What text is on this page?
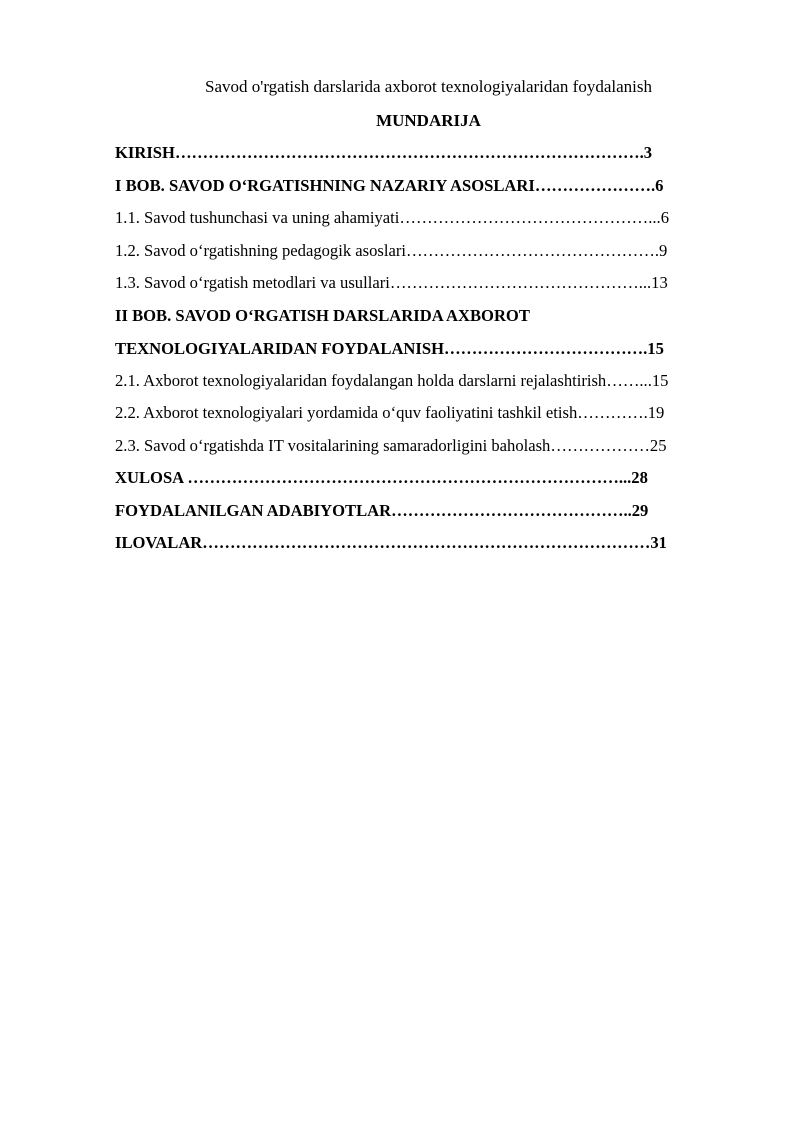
Savod o'rgatish darslarida axborot texnologiyalaridan foydalanish
MUNDARIJA
KIRISH………………………………………………………………………….3
I BOB. SAVOD O‘RGATISHNING NAZARIY ASOSLARI………………….6
1.1. Savod tushunchasi va uning ahamiyati………………………………………...6
1.2. Savod o‘rgatishning pedagogik asoslari……………………………………….9
1.3. Savod o‘rgatish metodlari va usullari………………………………………...13
II BOB. SAVOD O‘RGATISH DARSLARIDA AXBOROT
TEXNOLOGIYALARIDAN FOYDALANISH……………………………….15
2.1. Axborot texnologiyalaridan foydalangan holda darslarni rejalashtirish……...15
2.2. Axborot texnologiyalari yordamida o‘quv faoliyatini tashkil etish………….19
2.3. Savod o‘rgatishda IT vositalarining samaradorligini baholash………………25
XULOSA ……………………………………………………………………...28
FOYDALANILGAN ADABIYOTLAR……………………………………..29
ILOVALAR………………………………………………………………………31
